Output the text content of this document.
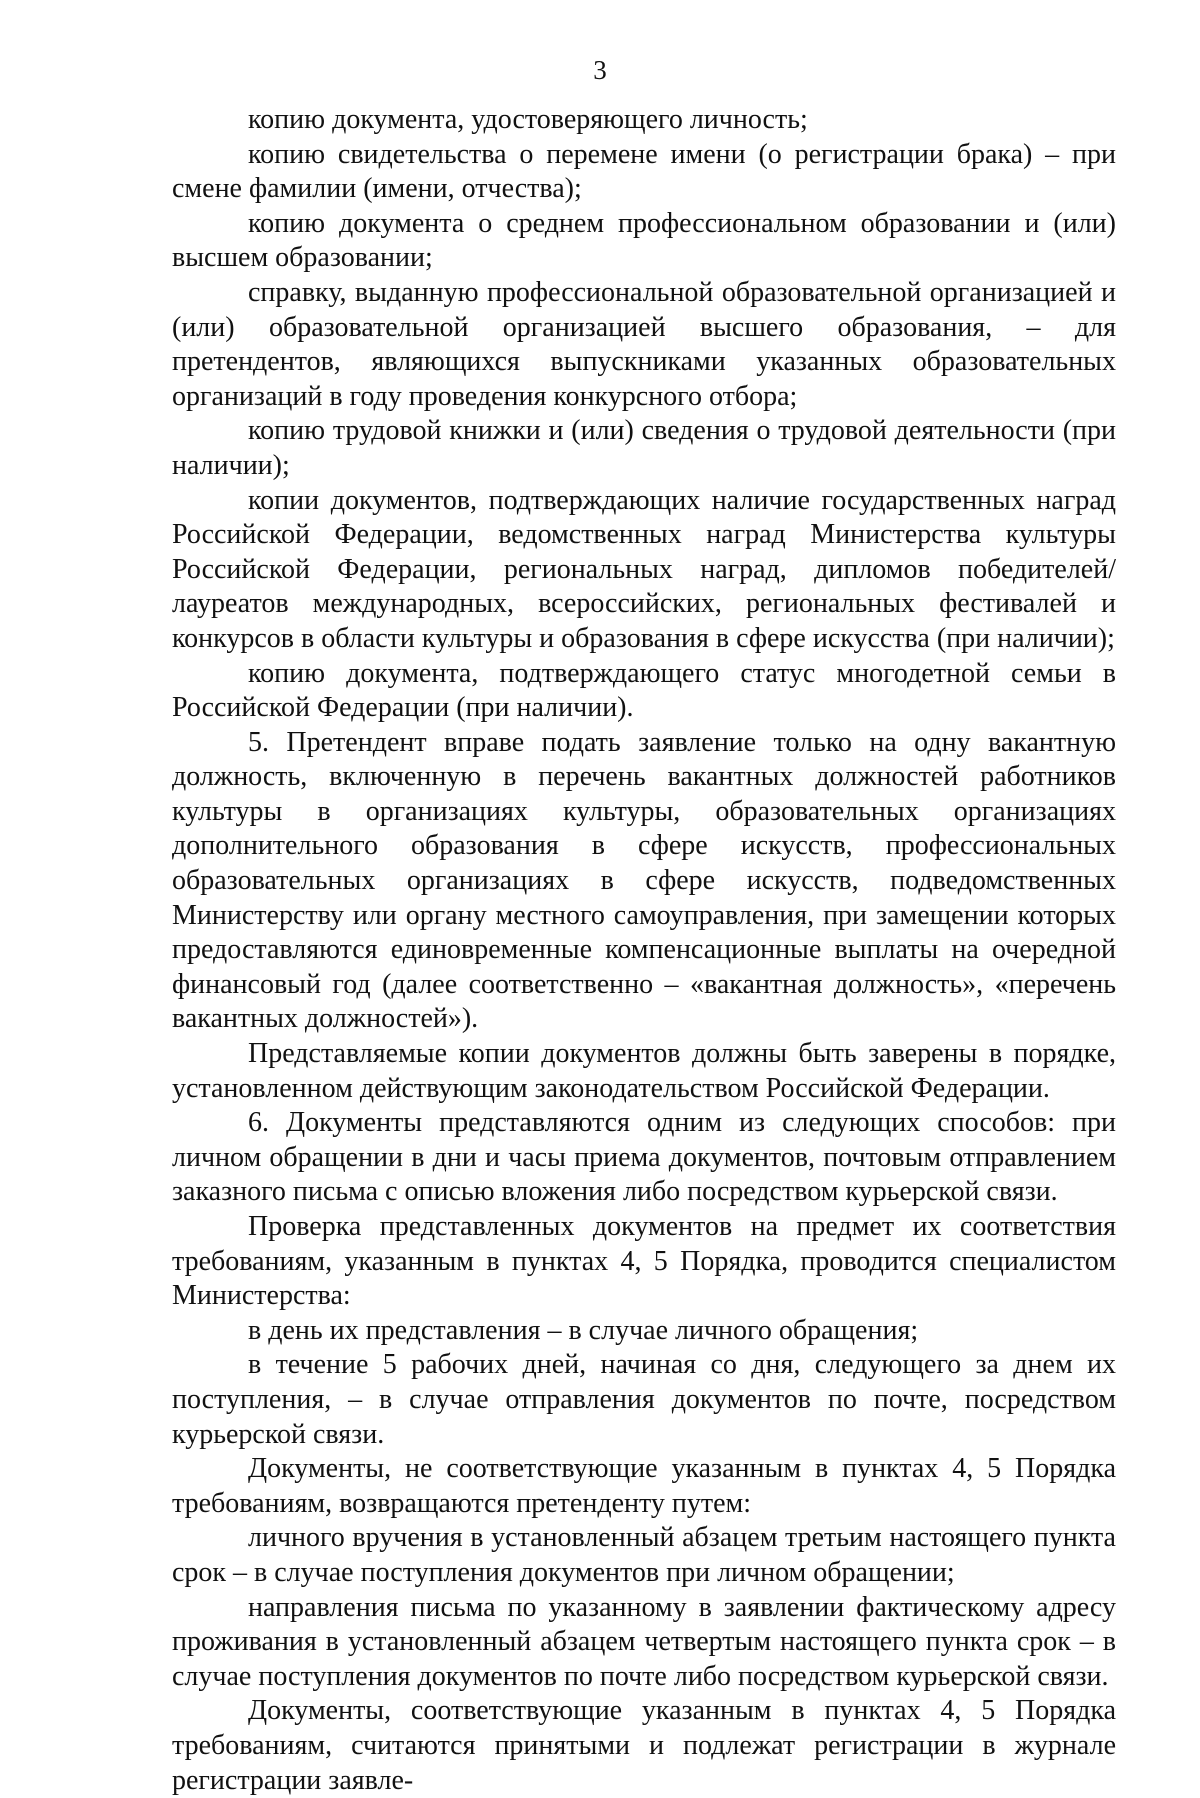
3

копию документа, удостоверяющего личность;

копию свидетельства о перемене имени (о регистрации брака) – при смене фамилии (имени, отчества);

копию документа о среднем профессиональном образовании и (или) высшем образовании;

справку, выданную профессиональной образовательной организацией и (или) образовательной организацией высшего образования, – для претендентов, являющихся выпускниками указанных образовательных организаций в году проведения конкурсного отбора;

копию трудовой книжки и (или) сведения о трудовой деятельности (при наличии);

копии документов, подтверждающих наличие государственных наград Российской Федерации, ведомственных наград Министерства культуры Российской Федерации, региональных наград, дипломов победителей/лауреатов международных, всероссийских, региональных фестивалей и конкурсов в области культуры и образования в сфере искусства (при наличии);

копию документа, подтверждающего статус многодетной семьи в Российской Федерации (при наличии).

5. Претендент вправе подать заявление только на одну вакантную должность, включенную в перечень вакантных должностей работников культуры в организациях культуры, образовательных организациях дополнительного образования в сфере искусств, профессиональных образовательных организациях в сфере искусств, подведомственных Министерству или органу местного самоуправления, при замещении которых предоставляются единовременные компенсационные выплаты на очередной финансовый год (далее соответственно – «вакантная должность», «перечень вакантных должностей»).

Представляемые копии документов должны быть заверены в порядке, установленном действующим законодательством Российской Федерации.

6. Документы представляются одним из следующих способов: при личном обращении в дни и часы приема документов, почтовым отправлением заказного письма с описью вложения либо посредством курьерской связи.

Проверка представленных документов на предмет их соответствия требованиям, указанным в пунктах 4, 5 Порядка, проводится специалистом Министерства:

в день их представления – в случае личного обращения;

в течение 5 рабочих дней, начиная со дня, следующего за днем их поступления, – в случае отправления документов по почте, посредством курьерской связи.

Документы, не соответствующие указанным в пунктах 4, 5 Порядка требованиям, возвращаются претенденту путем:

личного вручения в установленный абзацем третьим настоящего пункта срок – в случае поступления документов при личном обращении;

направления письма по указанному в заявлении фактическому адресу проживания в установленный абзацем четвертым настоящего пункта срок – в случае поступления документов по почте либо посредством курьерской связи.

Документы, соответствующие указанным в пунктах 4, 5 Порядка требованиям, считаются принятыми и подлежат регистрации в журнале регистрации заявле-
